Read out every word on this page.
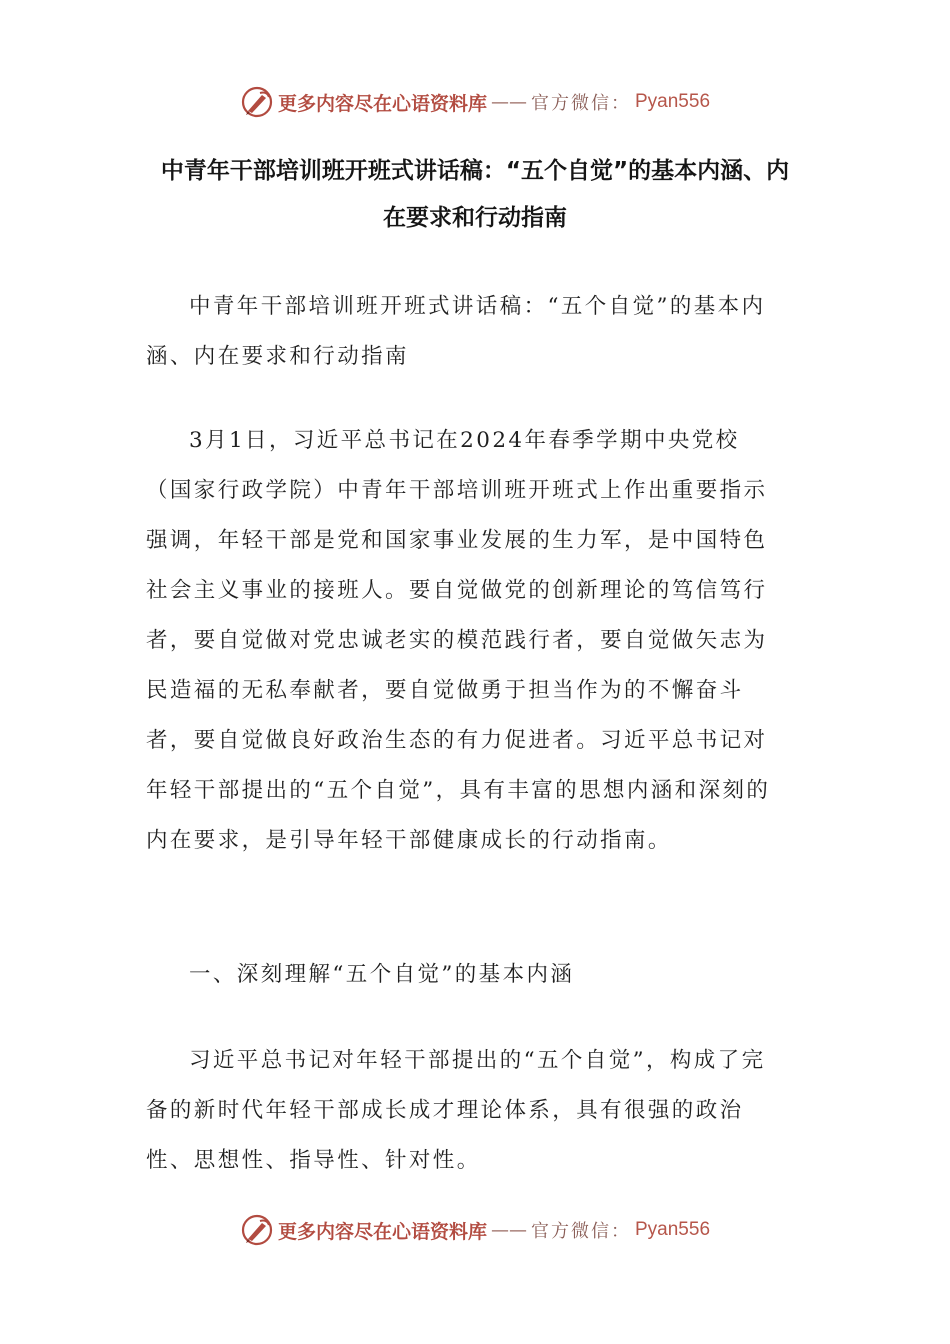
更多内容尽在心语资料库 —— 官方微信： Pyan556
中青年干部培训班开班式讲话稿：“五个自觉”的基本内涵、内在要求和行动指南

中青年干部培训班开班式讲话稿：“五个自觉”的基本内涵、内在要求和行动指南

3月1日，习近平总书记在2024年春季学期中央党校（国家行政学院）中青年干部培训班开班式上作出重要指示强调，年轻干部是党和国家事业发展的生力军，是中国特色社会主义事业的接班人。要自觉做党的创新理论的笃信笃行者，要自觉做对党忠诚老实的模范践行者，要自觉做矢志为民造福的无私奉献者，要自觉做勇于担当作为的不懈奋斗者，要自觉做良好政治生态的有力促进者。习近平总书记对年轻干部提出的“五个自觉”，具有丰富的思想内涵和深刻的内在要求，是引导年轻干部健康成长的行动指南。

一、深刻理解“五个自觉”的基本内涵

习近平总书记对年轻干部提出的“五个自觉”，构成了完备的新时代年轻干部成长成才理论体系，具有很强的政治性、思想性、指导性、针对性。

更多内容尽在心语资料库 —— 官方微信： Pyan556
